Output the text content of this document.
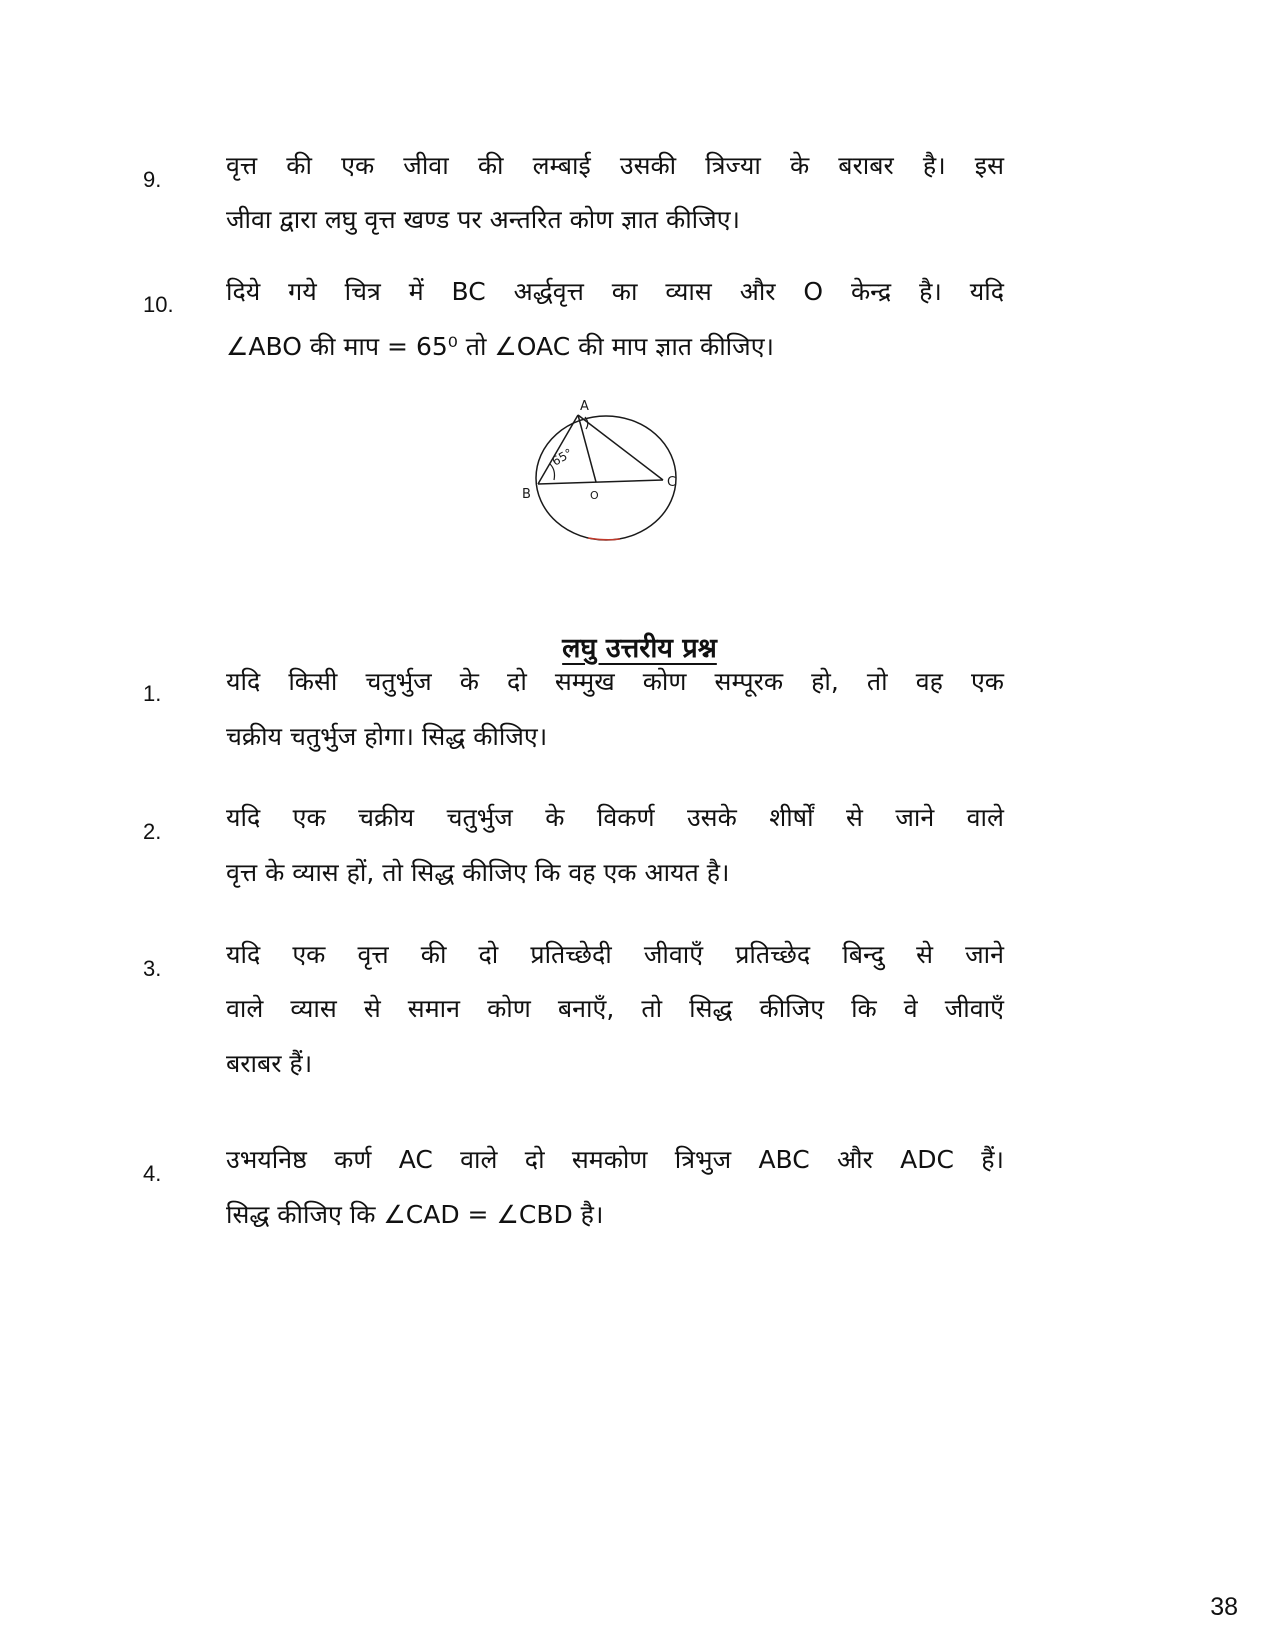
9.	वृत्त की एक जीवा की लम्बाई उसकी त्रिज्या के बराबर है। इस
जीवा द्वारा लघु वृत्त खण्ड पर अन्तरित कोण ज्ञात कीजिए।
10. दिये गये चित्र में BC अर्द्धवृत्त का व्यास और O केन्द्र है। यदि
∠ABO की माप = 65⁰ तो ∠OAC की माप ज्ञात कीजिए।
A
B
C
O
65°
लघु उत्तरीय प्रश्न
1.	यदि किसी चतुर्भुज के दो सम्मुख कोण सम्पूरक हो, तो वह एक
चक्रीय चतुर्भुज होगा। सिद्ध कीजिए।
2.	यदि एक चक्रीय चतुर्भुज के विकर्ण उसके शीर्षों से जाने वाले
वृत्त के व्यास हों, तो सिद्ध कीजिए कि वह एक आयत है।
3.	यदि एक वृत्त की दो प्रतिच्छेदी जीवाएँ प्रतिच्छेद बिन्दु से जाने
वाले व्यास से समान कोण बनाएँ, तो सिद्ध कीजिए कि वे जीवाएँ
बराबर हैं।
4.	उभयनिष्ठ कर्ण AC वाले दो समकोण त्रिभुज ABC और ADC हैं।
सिद्ध कीजिए कि ∠CAD = ∠CBD है।
38
